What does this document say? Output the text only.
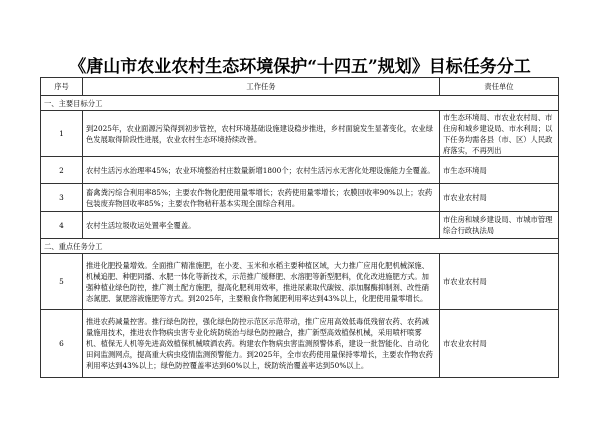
《唐山市农业农村生态环境保护“十四五”规划》目标任务分工
序号	工作任务	责任单位
一、主要目标分工		
1	到2025年，农业面源污染得到初步管控，农村环境基础设施建设稳步推进，乡村面貌发生显著变化，农业绿色发展取得阶段性进展，农业农村生态环境持续改善。	市生态环境局、市农业农村局、市住房和城乡建设局、市水利局；以下任务均需各县（市、区）人民政府落实，不再列出
2	农村生活污水治理率45%；农业环境整治村庄数量新增1800个；农村生活污水无害化处理设施能力全覆盖。	市生态环境局
3	畜禽粪污综合利用率85%；主要农作物化肥使用量零增长；农药使用量零增长；农膜回收率90%以上；农药包装废弃物回收率85%；主要农作物秸秆基本实现全面综合利用。	市农业农村局
4	农村生活垃圾收运处置率全覆盖。	市住房和城乡建设局、市城市管理综合行政执法局
二、重点任务分工		
5	推进化肥投量增效。全面推广精准施肥，在小麦、玉米和水稻主要种植区域，大力推广应用化肥机械深施、机械追肥、种肥同播、水肥一体化等新技术，示范推广缓释肥、水溶肥等新型肥料，优化改进施肥方式。加强种植业绿色防控，推广测土配方施肥，提高化肥利用效率，推进尿素取代碳铵、添加脲酶抑制剂、改性硝态氮肥、氯肥溶液施肥等方式。到2025年，主要粮食作物氮肥利用率达到43%以上，化肥使用量零增长。	市农业农村局
6	推进农药减量控害。推行绿色防控，强化绿色防控示范区示范带动，推广应用高效低毒低残留农药、农药减量施用技术，推进农作物病虫害专业化统防统治与绿色防控融合，推广新型高效植保机械，采用喷杆喷雾机、植保无人机等先进高效植保机械喷洒农药。构建农作物病虫害监测预警体系，建设一批智能化、自动化田间监测网点，提高重大病虫疫情监测预警能力。到2025年，全市农药使用量保持零增长，主要农作物农药利用率达到43%以上；绿色防控覆盖率达到60%以上，统防统治覆盖率达到50%以上。	市农业农村局
